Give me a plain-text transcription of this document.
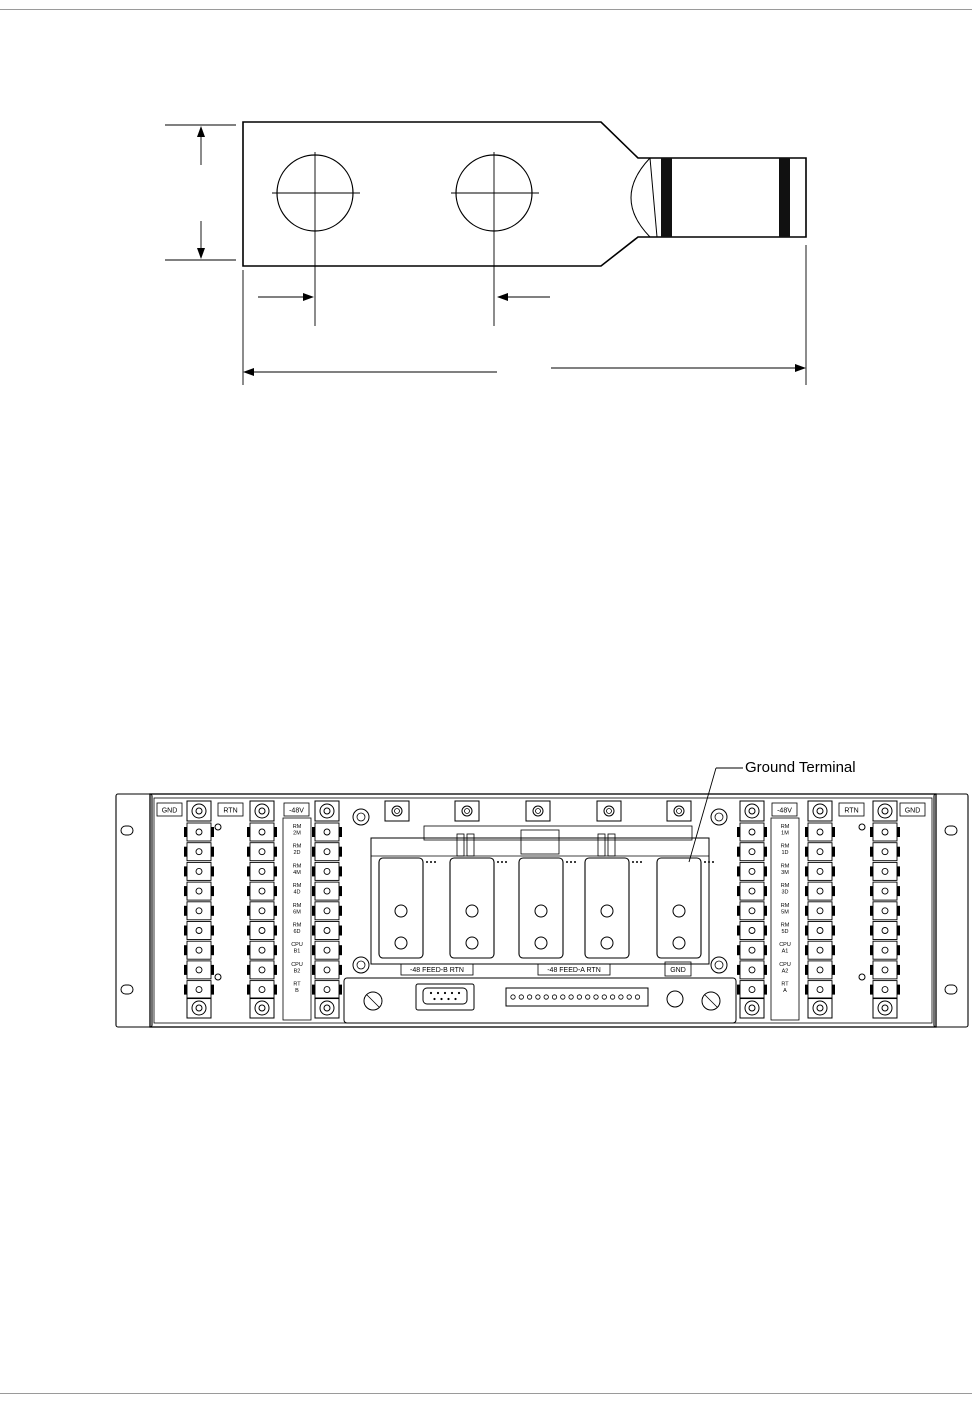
Ground Terminal
-48 FEED-B RTN	-48 FEED-A RTN	GND
GND	RTN	-48V	-48V	RTN	GND
RM
2M
RM
2D
RM
4M
RM
4D
RM
6M
RM
6D
CPU
B1
CPU
B2
RT
B
RM
1M
RM
1D
RM
3M
RM
3D
RM
5M
RM
5D
CPU
A1
CPU
A2
RT
A
